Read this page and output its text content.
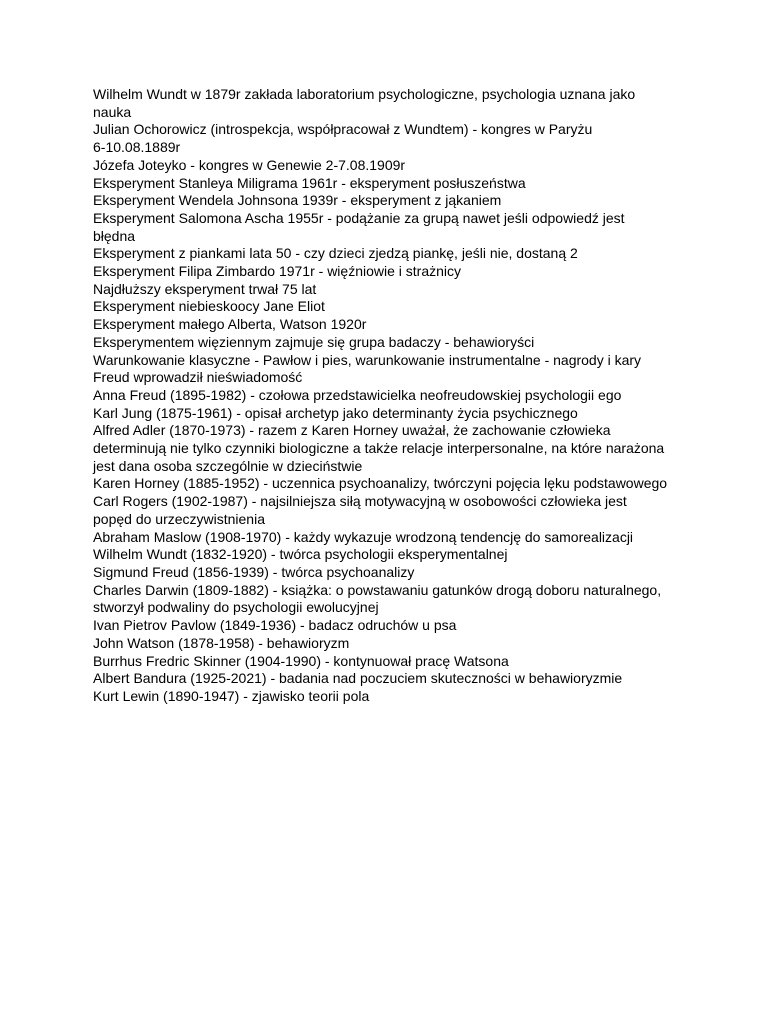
Wilhelm Wundt w 1879r zakłada laboratorium psychologiczne, psychologia uznana jako
nauka
Julian Ochorowicz (introspekcja, współpracował z Wundtem) - kongres w Paryżu
6-10.08.1889r
Józefa Joteyko - kongres w Genewie 2-7.08.1909r
Eksperyment Stanleya Miligrama 1961r - eksperyment posłuszeństwa
Eksperyment Wendela Johnsona 1939r - eksperyment z jąkaniem
Eksperyment Salomona Ascha 1955r - podążanie za grupą nawet jeśli odpowiedź jest
błędna
Eksperyment z piankami lata 50 - czy dzieci zjedzą piankę, jeśli nie, dostaną 2
Eksperyment Filipa Zimbardo 1971r - więźniowie i strażnicy
Najdłuższy eksperyment trwał 75 lat
Eksperyment niebieskoocy Jane Eliot
Eksperyment małego Alberta, Watson 1920r
Eksperymentem więziennym zajmuje się grupa badaczy - behawioryści
Warunkowanie klasyczne - Pawłow i pies, warunkowanie instrumentalne - nagrody i kary
Freud wprowadził nieświadomość
Anna Freud (1895-1982) - czołowa przedstawicielka neofreudowskiej psychologii ego
Karl Jung (1875-1961) - opisał archetyp jako determinanty życia psychicznego
Alfred Adler (1870-1973) - razem z Karen Horney uważał, że zachowanie człowieka
determinują nie tylko czynniki biologiczne a także relacje interpersonalne, na które narażona
jest dana osoba szczególnie w dzieciństwie
Karen Horney (1885-1952) - uczennica psychoanalizy, twórczyni pojęcia lęku podstawowego
Carl Rogers (1902-1987) - najsilniejsza siłą motywacyjną w osobowości człowieka jest
popęd do urzeczywistnienia
Abraham Maslow (1908-1970) - każdy wykazuje wrodzoną tendencję do samorealizacji
Wilhelm Wundt (1832-1920) - twórca psychologii eksperymentalnej
Sigmund Freud (1856-1939) - twórca psychoanalizy
Charles Darwin (1809-1882) - książka: o powstawaniu gatunków drogą doboru naturalnego,
stworzył podwaliny do psychologii ewolucyjnej
Ivan Pietrov Pavlow (1849-1936) - badacz odruchów u psa
John Watson (1878-1958) - behawioryzm
Burrhus Fredric Skinner (1904-1990) - kontynuował pracę Watsona
Albert Bandura (1925-2021) - badania nad poczuciem skuteczności w behawioryzmie
Kurt Lewin (1890-1947) - zjawisko teorii pola
